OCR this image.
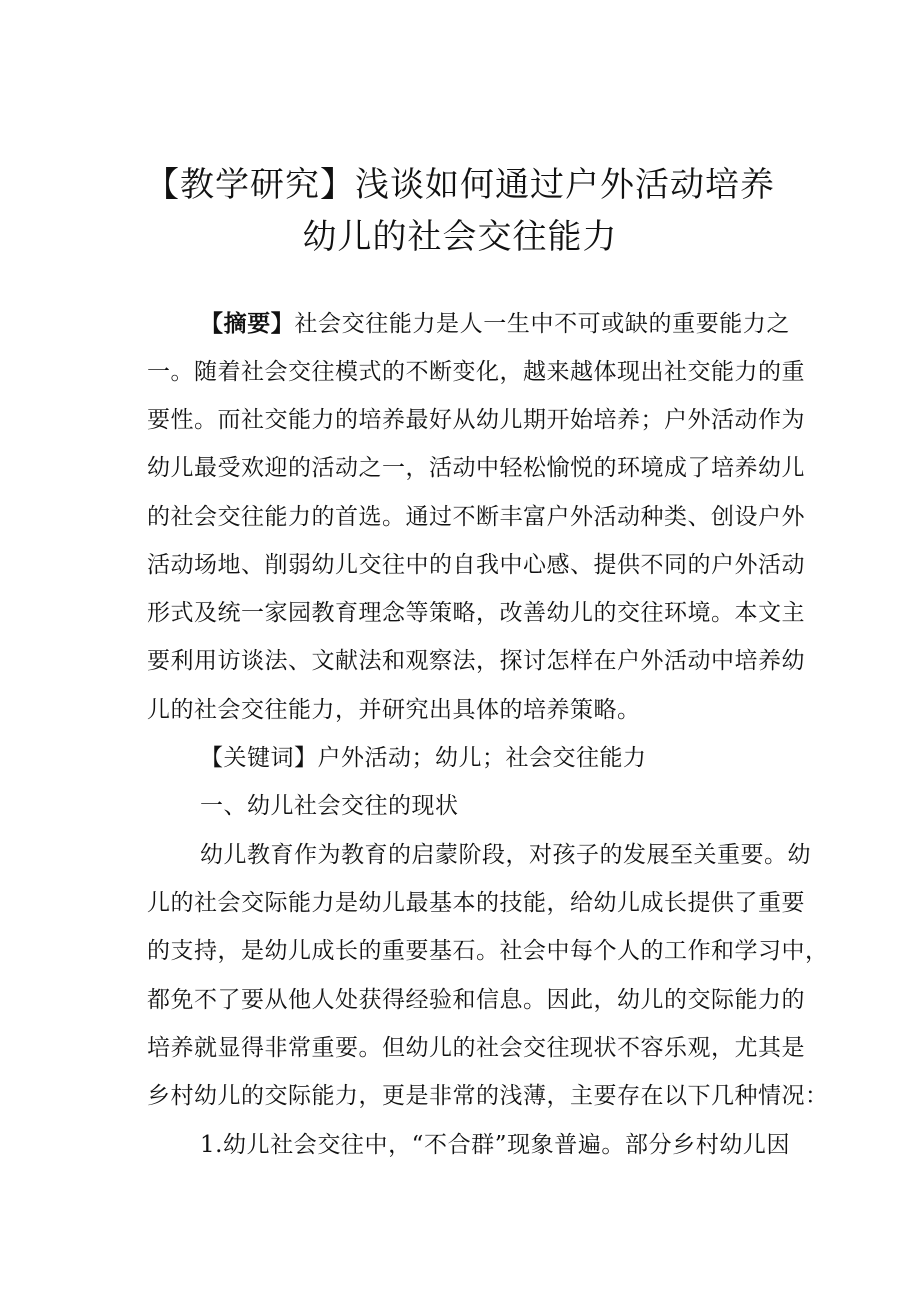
【教学研究】浅谈如何通过户外活动培养
幼儿的社会交往能力
【摘要】社会交往能力是人一生中不可或缺的重要能力之
一。随着社会交往模式的不断变化，越来越体现出社交能力的重
要性。而社交能力的培养最好从幼儿期开始培养；户外活动作为
幼儿最受欢迎的活动之一，活动中轻松愉悦的环境成了培养幼儿
的社会交往能力的首选。通过不断丰富户外活动种类、创设户外
活动场地、削弱幼儿交往中的自我中心感、提供不同的户外活动
形式及统一家园教育理念等策略，改善幼儿的交往环境。本文主
要利用访谈法、文献法和观察法，探讨怎样在户外活动中培养幼
儿的社会交往能力，并研究出具体的培养策略。
【关键词】户外活动；幼儿；社会交往能力
一、幼儿社会交往的现状
幼儿教育作为教育的启蒙阶段，对孩子的发展至关重要。幼
儿的社会交际能力是幼儿最基本的技能，给幼儿成长提供了重要
的支持，是幼儿成长的重要基石。社会中每个人的工作和学习中，
都免不了要从他人处获得经验和信息。因此，幼儿的交际能力的
培养就显得非常重要。但幼儿的社会交往现状不容乐观，尤其是
乡村幼儿的交际能力，更是非常的浅薄，主要存在以下几种情况：
1.幼儿社会交往中，“不合群”现象普遍。部分乡村幼儿因
